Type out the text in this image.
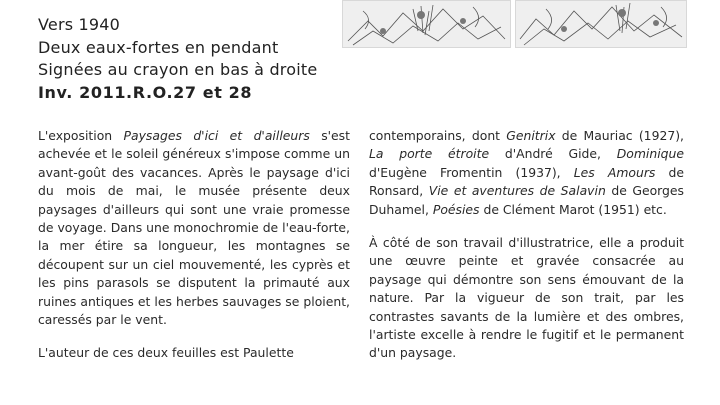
Vers 1940
Deux eaux-fortes en pendant
Signées au crayon en bas à droite
Inv. 2011.R.O.27 et 28

L'exposition Paysages d'ici et d'ailleurs s'est achevée et le soleil généreux s'impose comme un avant-goût des vacances. Après le paysage d'ici du mois de mai, le musée présente deux paysages d'ailleurs qui sont une vraie promesse de voyage. Dans une monochromie de l'eau-forte, la mer étire sa longueur, les montagnes se découpent sur un ciel mouvementé, les cyprès et les pins parasols se disputent la primauté aux ruines antiques et les herbes sauvages se ploient, caressés par le vent.

L'auteur de ces deux feuilles est Paulette

contemporains, dont Genitrix de Mauriac (1927), La porte étroite d'André Gide, Dominique d'Eugène Fromentin (1937), Les Amours de Ronsard, Vie et aventures de Salavin de Georges Duhamel, Poésies de Clément Marot (1951) etc.

À côté de son travail d'illustratrice, elle a produit une œuvre peinte et gravée consacrée au paysage qui démontre son sens émouvant de la nature. Par la vigueur de son trait, par les contrastes savants de la lumière et des ombres, l'artiste excelle à rendre le fugitif et le permanent d'un paysage.
